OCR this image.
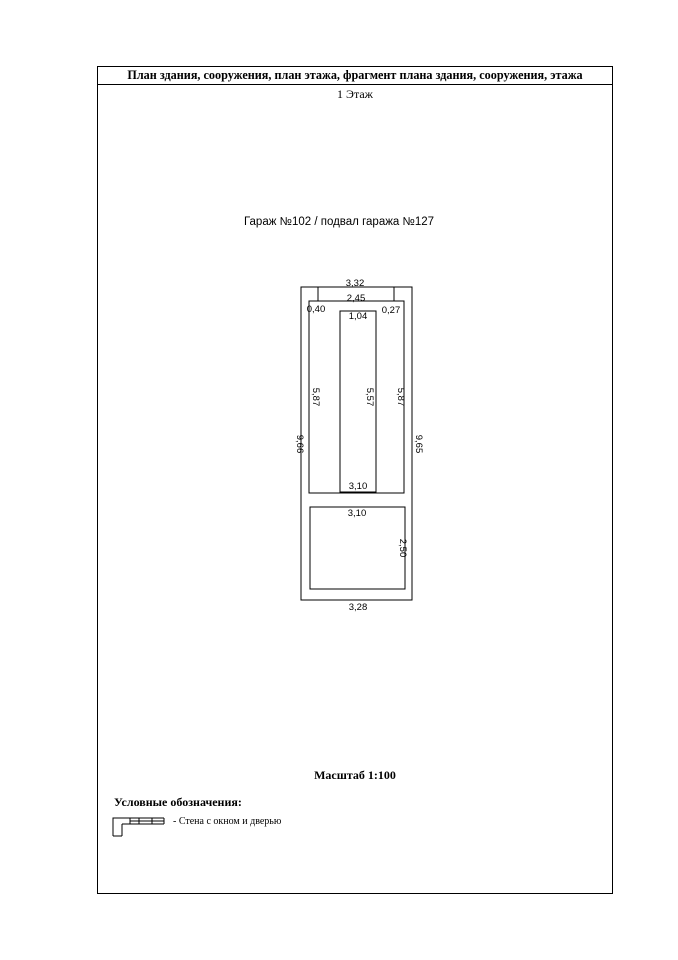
План здания, сооружения, план этажа, фрагмент плана здания, сооружения, этажа
1 Этаж
Гараж №102 / подвал гаража №127
3,32
2,45
0,40
1,04
0,27
5,87	5,57 5,87
9,66	9,65
3,10
3,10
2,50
3,28
Масштаб 1:100
Условные обозначения:
- Стена с окном и дверью
